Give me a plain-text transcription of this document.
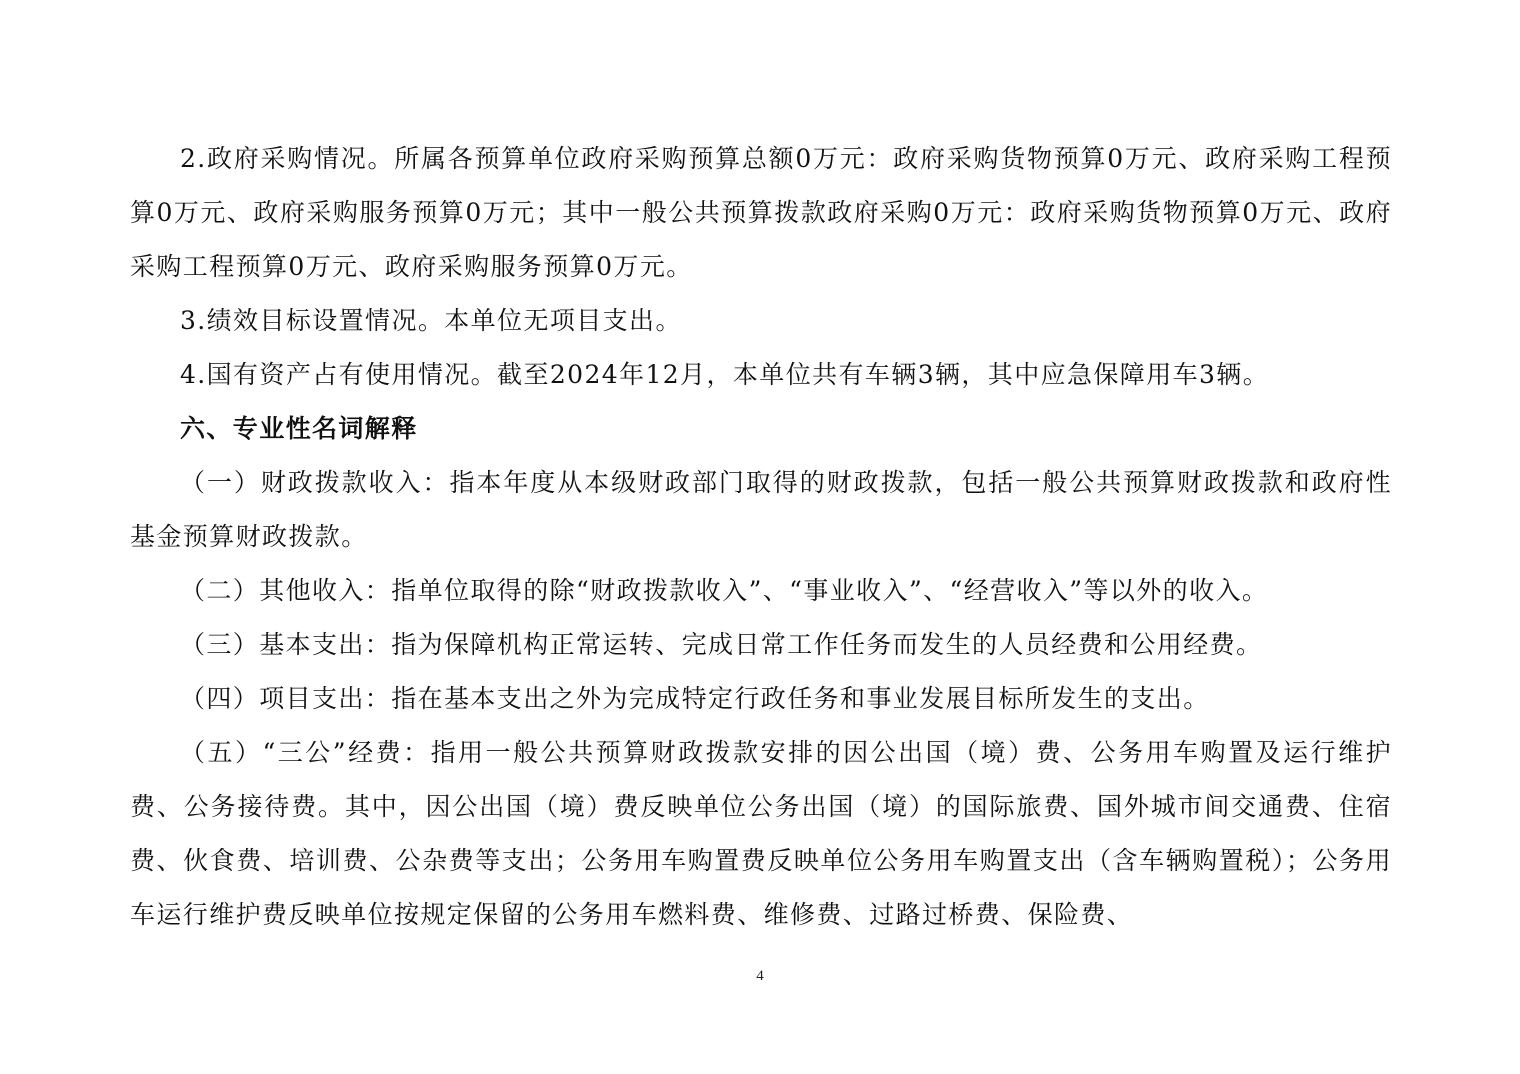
2.政府采购情况。所属各预算单位政府采购预算总额0万元：政府采购货物预算0万元、政府采购工程预算0万元、政府采购服务预算0万元；其中一般公共预算拨款政府采购0万元：政府采购货物预算0万元、政府采购工程预算0万元、政府采购服务预算0万元。

3.绩效目标设置情况。本单位无项目支出。

4.国有资产占有使用情况。截至2024年12月，本单位共有车辆3辆，其中应急保障用车3辆。

六、专业性名词解释

（一）财政拨款收入：指本年度从本级财政部门取得的财政拨款，包括一般公共预算财政拨款和政府性基金预算财政拨款。

（二）其他收入：指单位取得的除“财政拨款收入”、“事业收入”、“经营收入”等以外的收入。

（三）基本支出：指为保障机构正常运转、完成日常工作任务而发生的人员经费和公用经费。

（四）项目支出：指在基本支出之外为完成特定行政任务和事业发展目标所发生的支出。

（五）“三公”经费：指用一般公共预算财政拨款安排的因公出国（境）费、公务用车购置及运行维护费、公务接待费。其中，因公出国（境）费反映单位公务出国（境）的国际旅费、国外城市间交通费、住宿费、伙食费、培训费、公杂费等支出；公务用车购置费反映单位公务用车购置支出（含车辆购置税）；公务用车运行维护费反映单位按规定保留的公务用车燃料费、维修费、过路过桥费、保险费、

4
